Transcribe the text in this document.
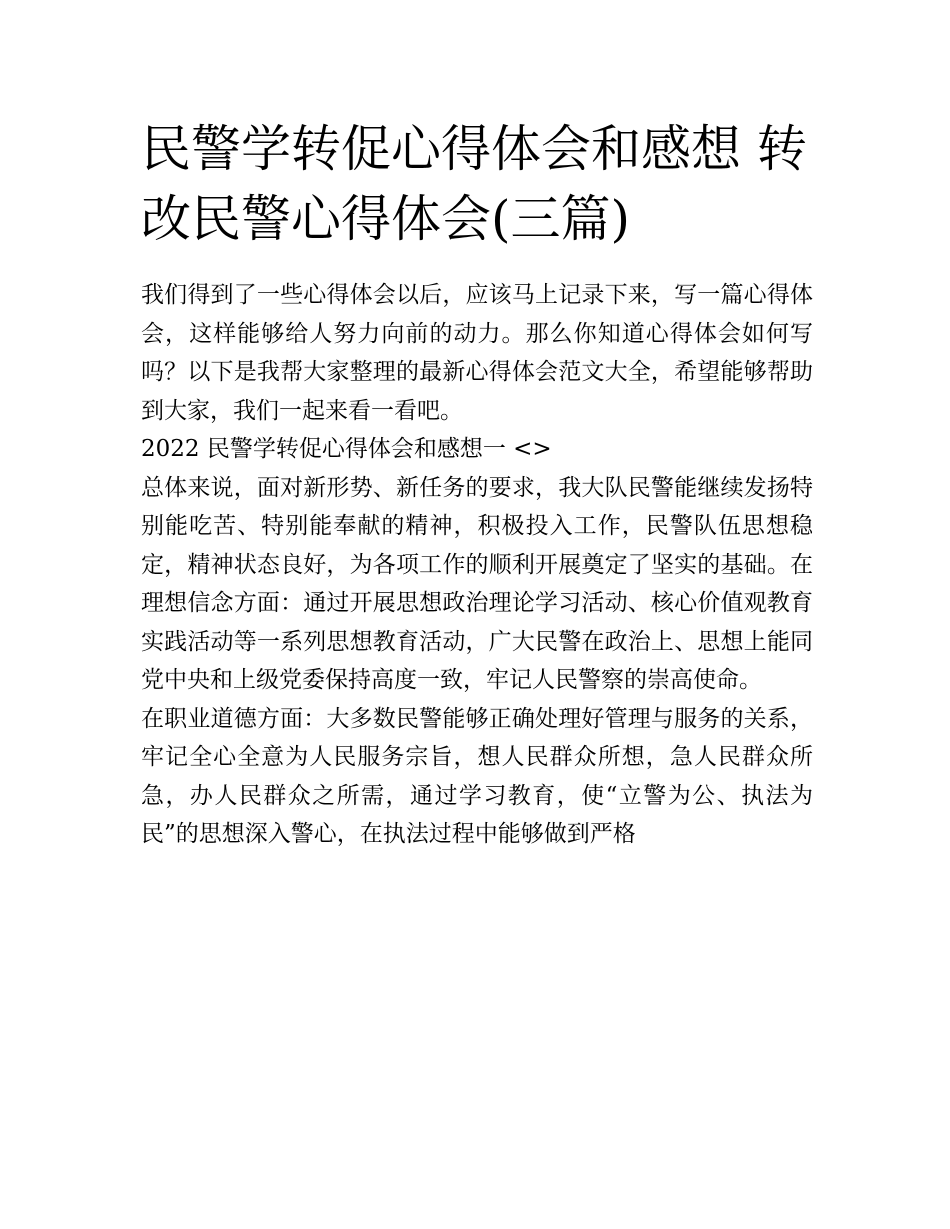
民警学转促心得体会和感想 转改民警心得体会(三篇)

我们得到了一些心得体会以后，应该马上记录下来，写一篇心得体会，这样能够给人努力向前的动力。那么你知道心得体会如何写吗？以下是我帮大家整理的最新心得体会范文大全，希望能够帮助到大家，我们一起来看一看吧。

2022 民警学转促心得体会和感想一 <>

总体来说，面对新形势、新任务的要求，我大队民警能继续发扬特别能吃苦、特别能奉献的精神，积极投入工作，民警队伍思想稳定，精神状态良好，为各项工作的顺利开展奠定了坚实的基础。在理想信念方面：通过开展思想政治理论学习活动、核心价值观教育实践活动等一系列思想教育活动，广大民警在政治上、思想上能同党中央和上级党委保持高度一致，牢记人民警察的崇高使命。

在职业道德方面：大多数民警能够正确处理好管理与服务的关系，牢记全心全意为人民服务宗旨，想人民群众所想，急人民群众所急，办人民群众之所需，通过学习教育，使“立警为公、执法为民”的思想深入警心，在执法过程中能够做到严格
